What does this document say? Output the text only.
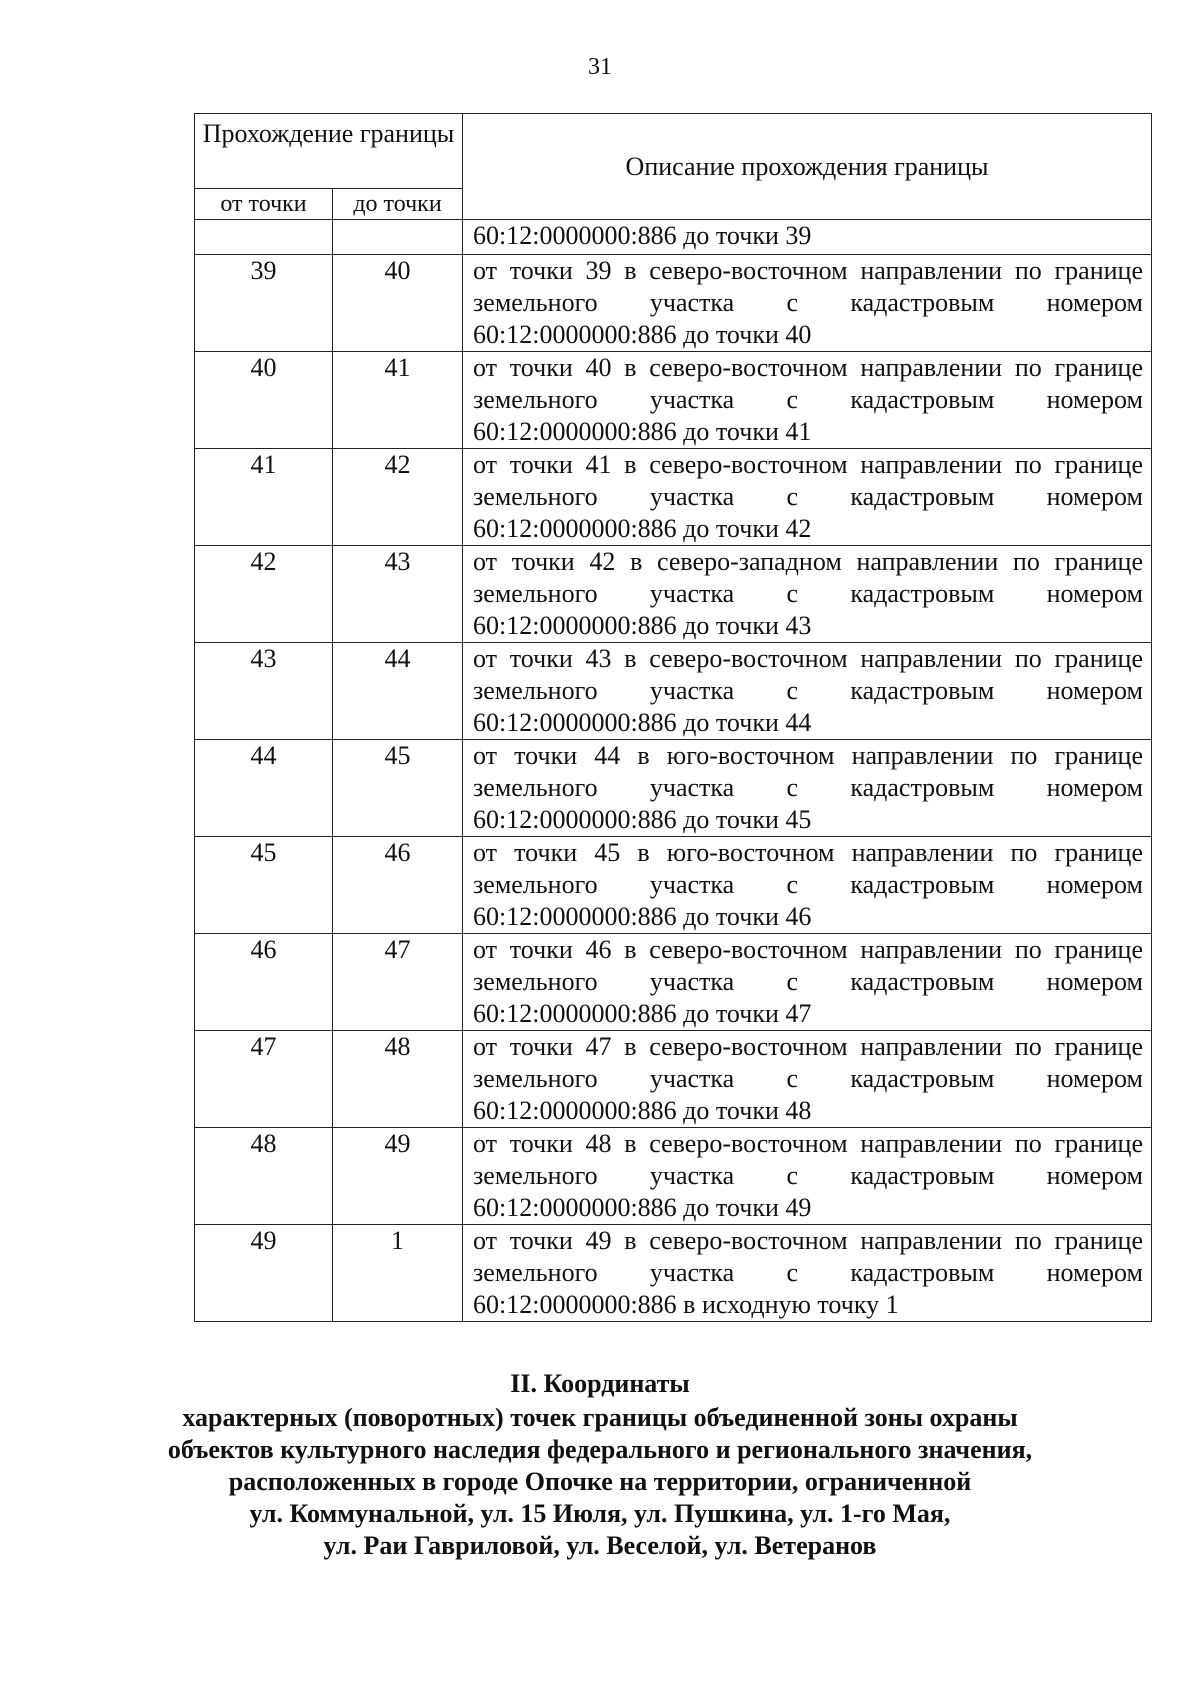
31
Прохождение границы		Описание прохождения границы
от точки	до точки	
		60:12:0000000:886 до точки 39
39	40	от точки 39 в северо-восточном направлении по границе земельного участка с кадастровым номером 60:12:0000000:886 до точки 40
40	41	от точки 40 в северо-восточном направлении по границе земельного участка с кадастровым номером 60:12:0000000:886 до точки 41
41	42	от точки 41 в северо-восточном направлении по границе земельного участка с кадастровым номером 60:12:0000000:886 до точки 42
42	43	от точки 42 в северо-западном направлении по границе земельного участка с кадастровым номером 60:12:0000000:886 до точки 43
43	44	от точки 43 в северо-восточном направлении по границе земельного участка с кадастровым номером 60:12:0000000:886 до точки 44
44	45	от точки 44 в юго-восточном направлении по границе земельного участка с кадастровым номером 60:12:0000000:886 до точки 45
45	46	от точки 45 в юго-восточном направлении по границе земельного участка с кадастровым номером 60:12:0000000:886 до точки 46
46	47	от точки 46 в северо-восточном направлении по границе земельного участка с кадастровым номером 60:12:0000000:886 до точки 47
47	48	от точки 47 в северо-восточном направлении по границе земельного участка с кадастровым номером 60:12:0000000:886 до точки 48
48	49	от точки 48 в северо-восточном направлении по границе земельного участка с кадастровым номером 60:12:0000000:886 до точки 49
49	1	от точки 49 в северо-восточном направлении по границе земельного участка с кадастровым номером 60:12:0000000:886 в исходную точку 1
II. Координаты
характерных (поворотных) точек границы объединенной зоны охраны
объектов культурного наследия федерального и регионального значения,
расположенных в городе Опочке на территории, ограниченной
ул. Коммунальной, ул. 15 Июля, ул. Пушкина, ул. 1-го Мая,
ул. Раи Гавриловой, ул. Веселой, ул. Ветеранов
